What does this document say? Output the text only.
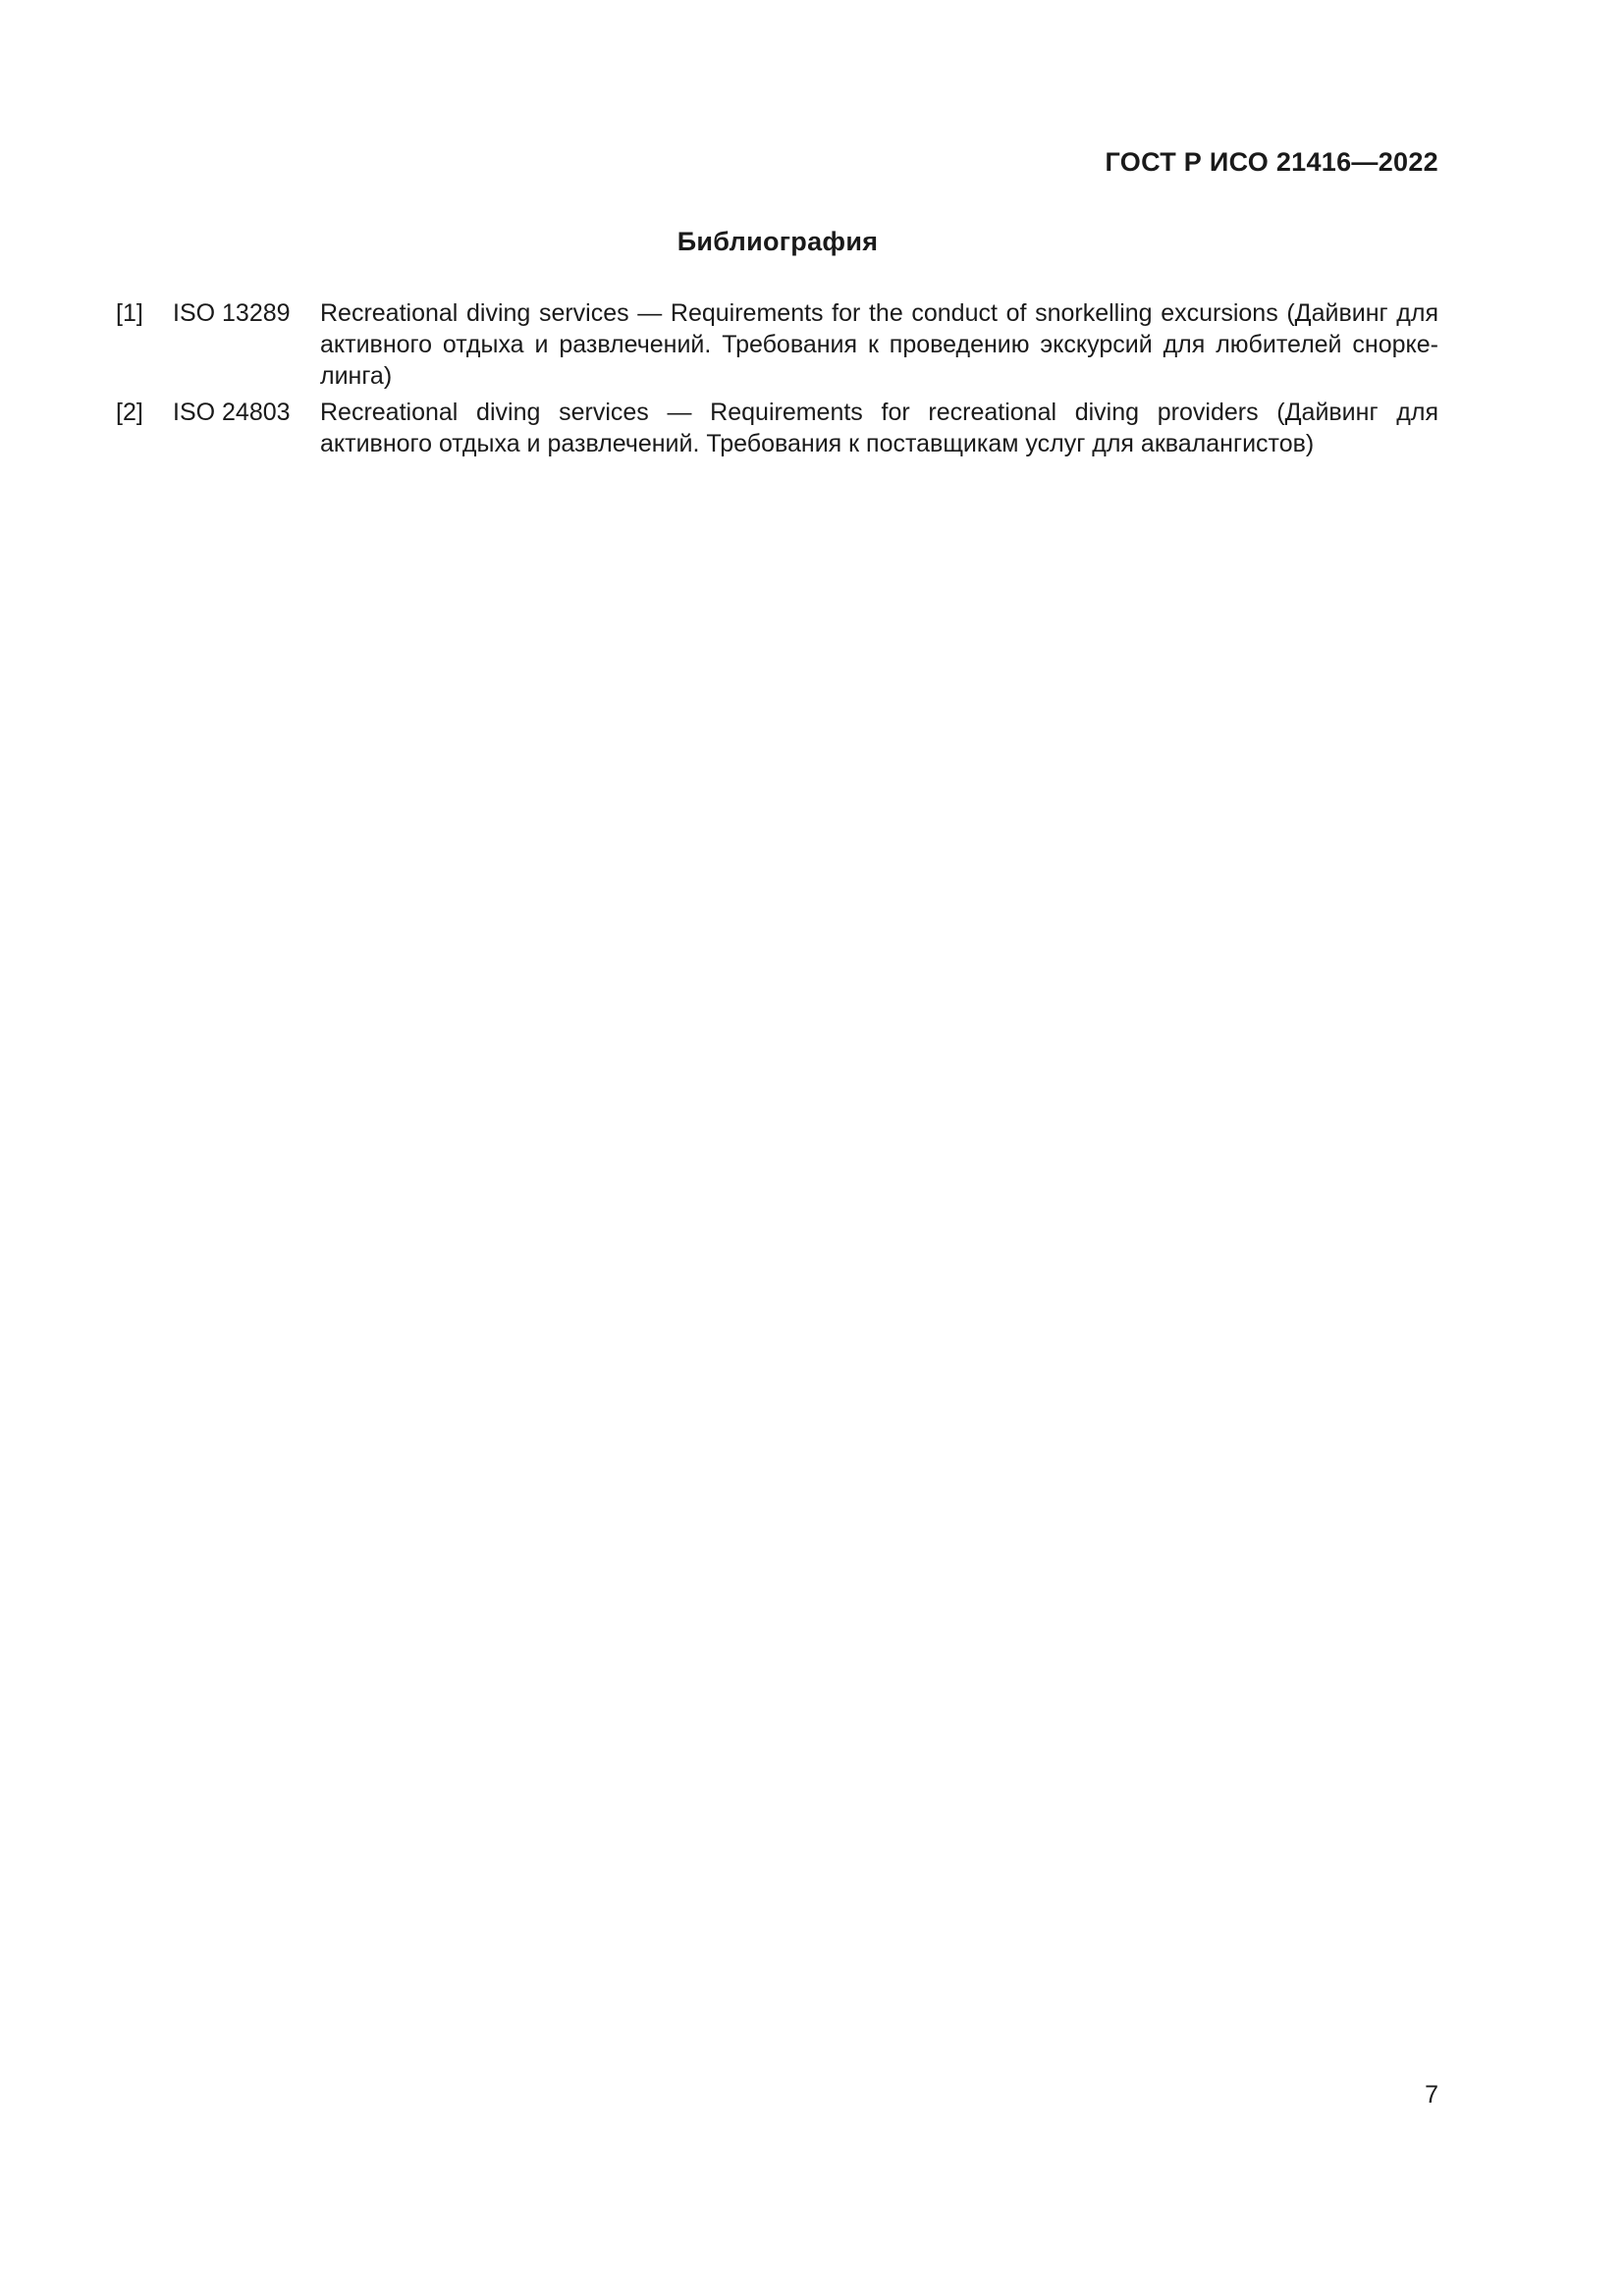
ГОСТ Р ИСО 21416—2022
Библиография
[1]	ISO 13289	Recreational diving services — Requirements for the conduct of snorkelling excursions (Дайвинг для активного отдыха и развлечений. Требования к проведению экскурсий для любителей сноркелинга)
[2]	ISO 24803	Recreational diving services — Requirements for recreational diving providers (Дайвинг для активного отдыха и развлечений. Требования к поставщикам услуг для аквалангистов)
7
